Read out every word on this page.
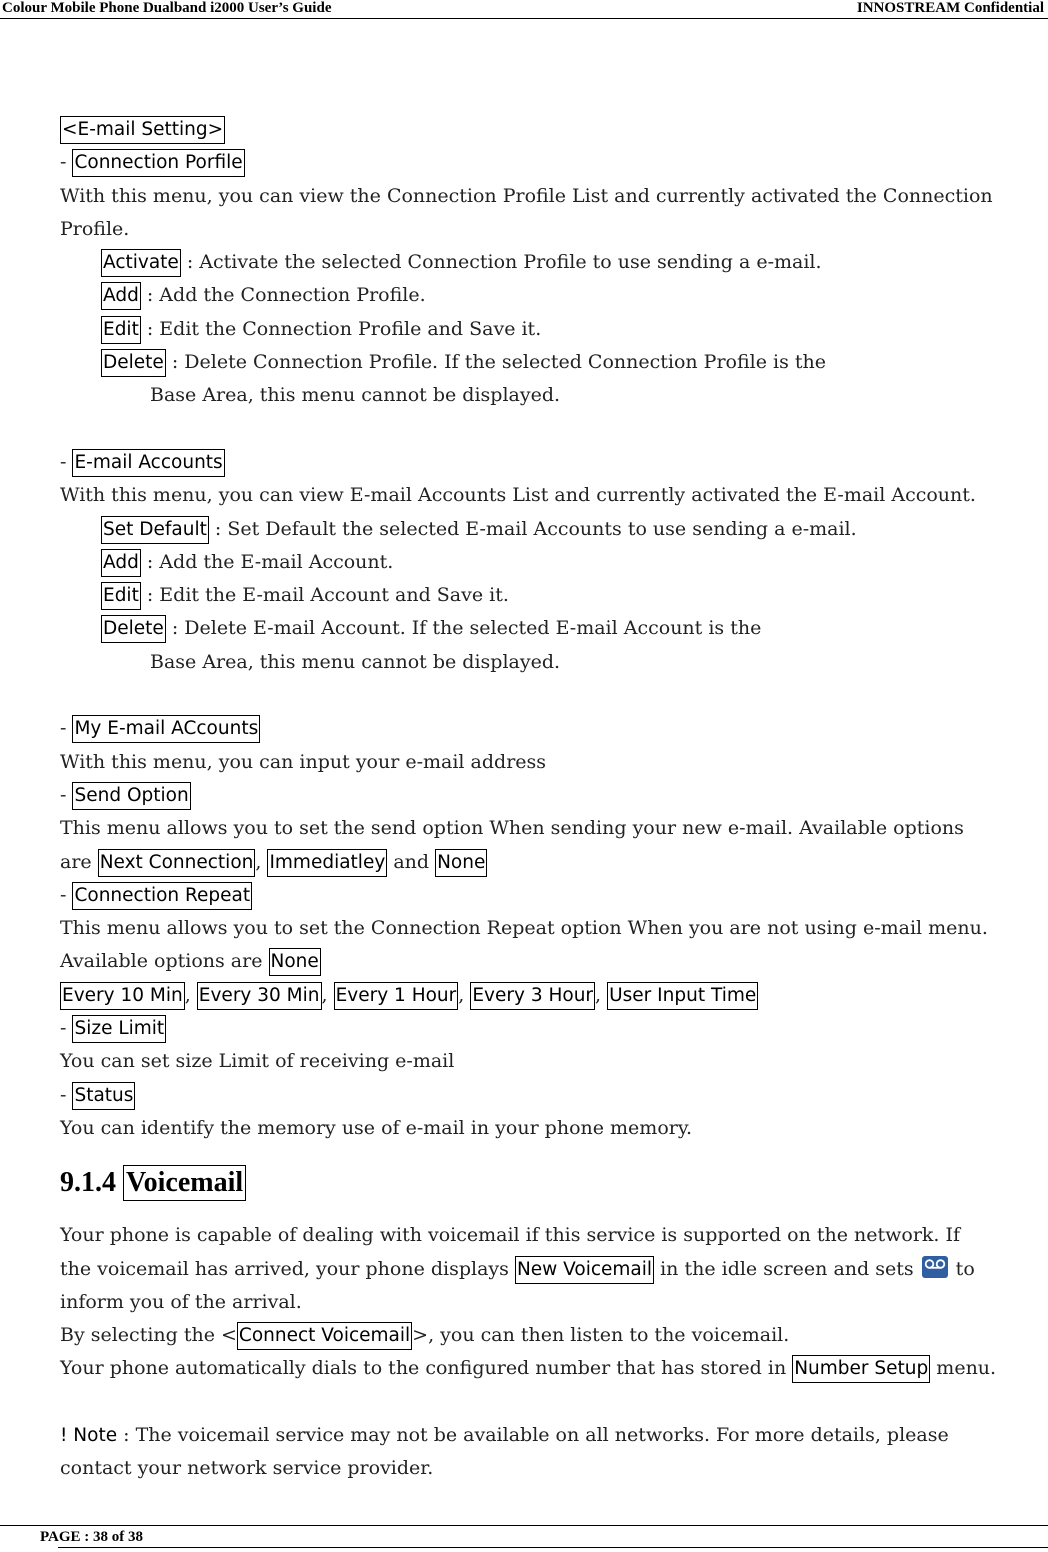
Colour Mobile Phone Dualband i2000 User’s Guide	INNOSTREAM Confidential
<E-mail Setting>
- Connection Porfile
With this menu, you can view the Connection Profile List and currently activated the Connection
Profile.
Activate : Activate the selected Connection Profile to use sending a e-mail.
Add : Add the Connection Profile.
Edit : Edit the Connection Profile and Save it.
Delete : Delete Connection Profile. If the selected Connection Profile is the
Base Area, this menu cannot be displayed.
- E-mail Accounts
With this menu, you can view E-mail Accounts List and currently activated the E-mail Account.
Set Default : Set Default the selected E-mail Accounts to use sending a e-mail.
Add : Add the E-mail Account.
Edit : Edit the E-mail Account and Save it.
Delete : Delete E-mail Account. If the selected E-mail Account is the
Base Area, this menu cannot be displayed.
- My E-mail ACcounts
With this menu, you can input your e-mail address
- Send Option
This menu allows you to set the send option When sending your new e-mail. Available options
are Next Connection , Immediatley and None
- Connection Repeat
This menu allows you to set the Connection Repeat option When you are not using e-mail menu.
Available options are None
Every 10 Min , Every 30 Min , Every 1 Hour , Every 3 Hour , User Input Time
- Size Limit
You can set size Limit of receiving e-mail
- Status
You can identify the memory use of e-mail in your phone memory.
9.1.4 Voicemail
Your phone is capable of dealing with voicemail if this service is supported on the network. If
the voicemail has arrived, your phone displays New Voicemail in the idle screen and sets
to
inform you of the arrival.
By selecting the <Connect Voicemail >, you can then listen to the voicemail.
Your phone automatically dials to the configured number that has stored in Number Setup menu.
! Note : The voicemail service may not be available on all networks. For more details, please
contact your network service provider.
PAGE : 38 of 38
